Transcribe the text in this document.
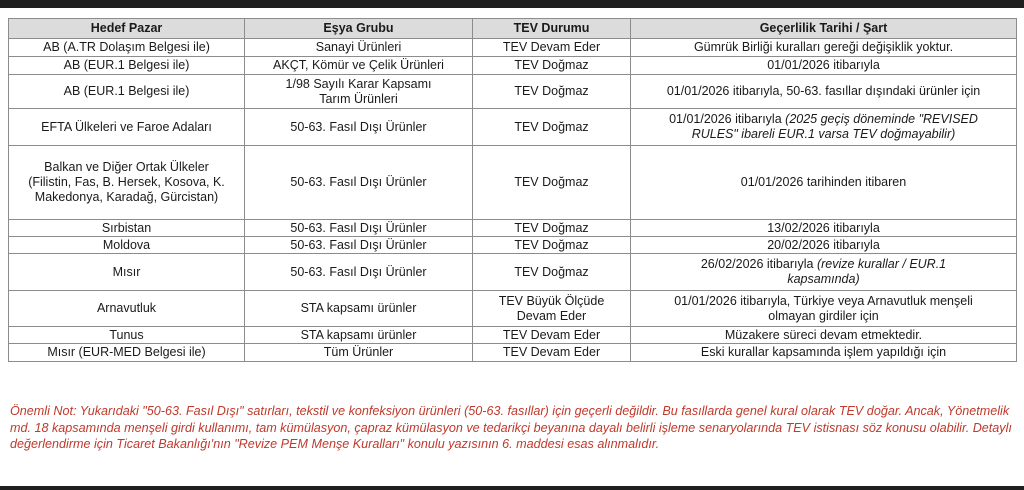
Hedef Pazar	Eşya Grubu	TEV Durumu	Geçerlilik Tarihi / Şart
AB (A.TR Dolaşım Belgesi ile)	Sanayi Ürünleri	TEV Devam Eder	Gümrük Birliği kuralları gereği değişiklik yoktur.
AB (EUR.1 Belgesi ile)	AKÇT, Kömür ve Çelik Ürünleri	TEV Doğmaz	01/01/2026 itibarıyla
AB (EUR.1 Belgesi ile)	1/98 Sayılı Karar Kapsamı Tarım Ürünleri	TEV Doğmaz	01/01/2026 itibarıyla, 50-63. fasıllar dışındaki ürünler için
EFTA Ülkeleri ve Faroe Adaları	50-63. Fasıl Dışı Ürünler	TEV Doğmaz	01/01/2026 itibarıyla (2025 geçiş döneminde "REVISED RULES" ibareli EUR.1 varsa TEV doğmayabilir)
Balkan ve Diğer Ortak Ülkeler (Filistin, Fas, B. Hersek, Kosova, K. Makedonya, Karadağ, Gürcistan)	50-63. Fasıl Dışı Ürünler	TEV Doğmaz	01/01/2026 tarihinden itibaren
Sırbistan	50-63. Fasıl Dışı Ürünler	TEV Doğmaz	13/02/2026 itibarıyla
Moldova	50-63. Fasıl Dışı Ürünler	TEV Doğmaz	20/02/2026 itibarıyla
Mısır	50-63. Fasıl Dışı Ürünler	TEV Doğmaz	26/02/2026 itibarıyla (revize kurallar / EUR.1 kapsamında)
Arnavutluk	STA kapsamı ürünler	TEV Büyük Ölçüde Devam Eder	01/01/2026 itibarıyla, Türkiye veya Arnavutluk menşeli olmayan girdiler için
Tunus	STA kapsamı ürünler	TEV Devam Eder	Müzakere süreci devam etmektedir.
Mısır (EUR-MED Belgesi ile)	Tüm Ürünler	TEV Devam Eder	Eski kurallar kapsamında işlem yapıldığı için
Önemli Not: Yukarıdaki "50-63. Fasıl Dışı" satırları, tekstil ve konfeksiyon ürünleri (50-63. fasıllar) için geçerli değildir. Bu fasıllarda genel kural olarak TEV doğar. Ancak, Yönetmelik md. 18 kapsamında menşeli girdi kullanımı, tam kümülasyon, çapraz kümülasyon ve tedarikçi beyanına dayalı belirli işleme senaryolarında TEV istisnası söz konusu olabilir. Detaylı değerlendirme için Ticaret Bakanlığı'nın "Revize PEM Menşe Kuralları" konulu yazısının 6. maddesi esas alınmalıdır.
